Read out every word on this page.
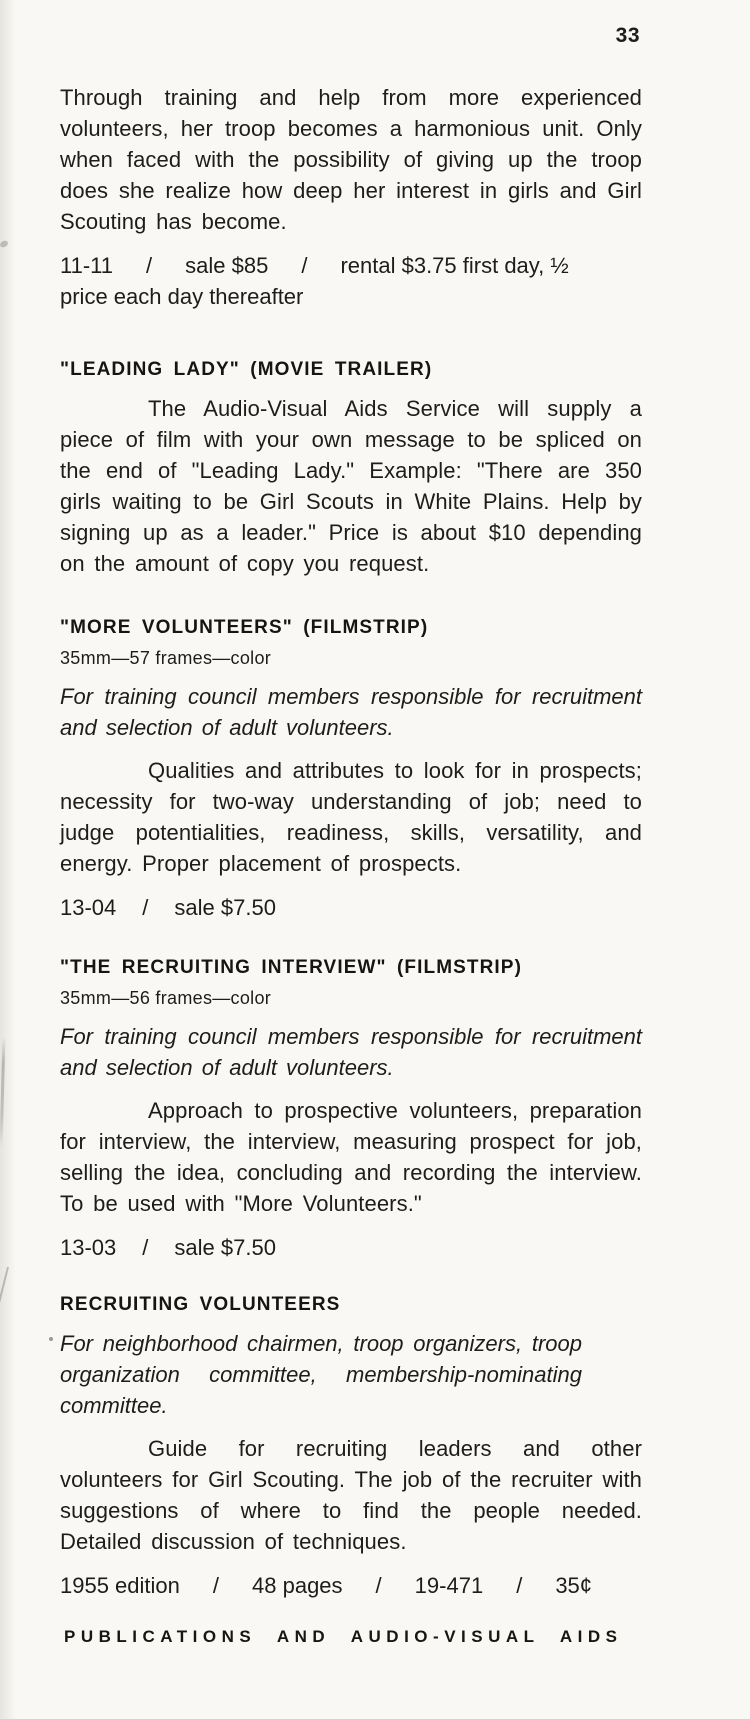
33

Through training and help from more experienced volunteers, her troop becomes a harmonious unit. Only when faced with the possibility of giving up the troop does she realize how deep her interest in girls and Girl Scouting has become.

11-11 / sale $85 / rental $3.75 first day, ½
price each day thereafter
"LEADING LADY" (MOVIE TRAILER)

The Audio-Visual Aids Service will supply a piece of film with your own message to be spliced on the end of "Leading Lady." Example: "There are 350 girls waiting to be Girl Scouts in White Plains. Help by signing up as a leader." Price is about $10 depending on the amount of copy you request.

"MORE VOLUNTEERS" (FILMSTRIP)
35mm—57 frames—color

For training council members responsible for recruitment and selection of adult volunteers.

Qualities and attributes to look for in prospects; necessity for two-way understanding of job; need to judge potentialities, readiness, skills, versatility, and energy. Proper placement of prospects.

13-04 / sale $7.50
"THE RECRUITING INTERVIEW" (FILMSTRIP)
35mm—56 frames—color

For training council members responsible for recruitment and selection of adult volunteers.

Approach to prospective volunteers, preparation for interview, the interview, measuring prospect for job, selling the idea, concluding and recording the interview. To be used with "More Volunteers."

13-03 / sale $7.50
RECRUITING VOLUNTEERS

For neighborhood chairmen, troop organizers, troop organization committee, membership-nominating committee.

Guide for recruiting leaders and other volunteers for Girl Scouting. The job of the recruiter with suggestions of where to find the people needed. Detailed discussion of techniques.

1955 edition / 48 pages / 19-471 / 35¢
PUBLICATIONS AND AUDIO-VISUAL AIDS
